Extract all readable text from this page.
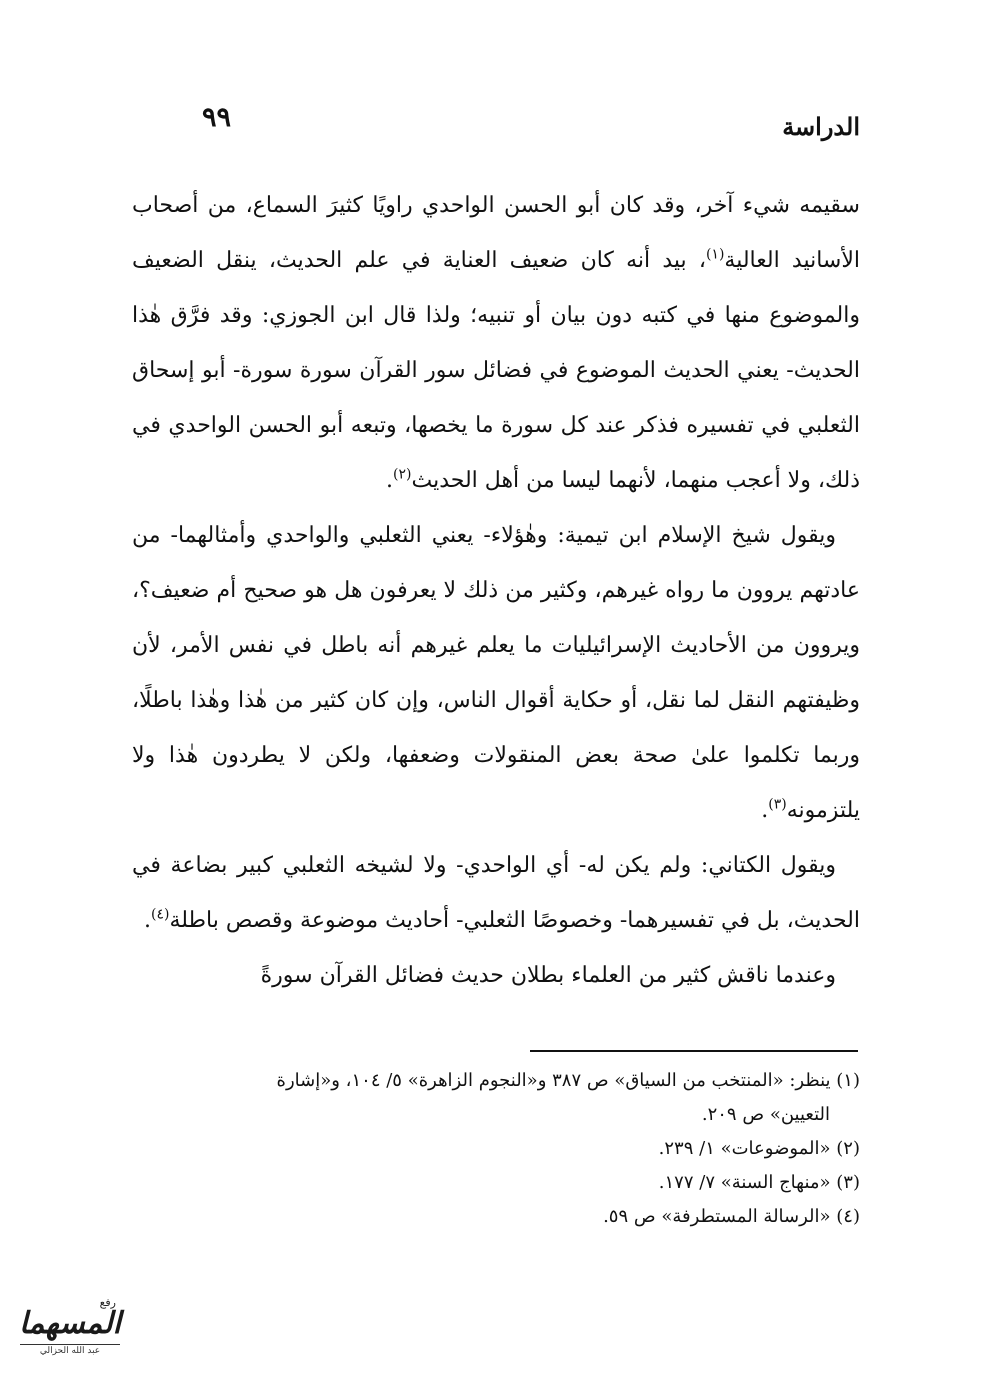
الدراسة
٩٩

سقيمه شيء آخر، وقد كان أبو الحسن الواحدي راويًا كثيرَ السماع، من أصحاب الأسانيد العالية$^{(١)}$، بيد أنه كان ضعيف العناية في علم الحديث، ينقل الضعيف والموضوع منها في كتبه دون بيان أو تنبيه؛ ولذا قال ابن الجوزي: وقد فرَّق هٰذا الحديث- يعني الحديث الموضوع في فضائل سور القرآن سورة سورة- أبو إسحاق الثعلبي في تفسيره فذكر عند كل سورة ما يخصها، وتبعه أبو الحسن الواحدي في ذلك، ولا أعجب منهما، لأنهما ليسا من أهل الحديث$^{(٢)}$.

ويقول شيخ الإسلام ابن تيمية: وهٰؤلاء- يعني الثعلبي والواحدي وأمثالهما- من عادتهم يروون ما رواه غيرهم، وكثير من ذلك لا يعرفون هل هو صحيح أم ضعيف؟، ويروون من الأحاديث الإسرائيليات ما يعلم غيرهم أنه باطل في نفس الأمر، لأن وظيفتهم النقل لما نقل، أو حكاية أقوال الناس، وإن كان كثير من هٰذا وهٰذا باطلًا، وربما تكلموا علىٰ صحة بعض المنقولات وضعفها، ولكن لا يطردون هٰذا ولا يلتزمونه$^{(٣)}$.

ويقول الكتاني: ولم يكن له- أي الواحدي- ولا لشيخه الثعلبي كبير بضاعة في الحديث، بل في تفسيرهما- وخصوصًا الثعلبي- أحاديث موضوعة وقصص باطلة$^{(٤)}$.

وعندما ناقش كثير من العلماء بطلان حديث فضائل القرآن سورةً

(١) ينظر: «المنتخب من السياق» ص ٣٨٧ و«النجوم الزاهرة» ٥/ ١٠٤، و«إشارة

التعيين» ص ٢٠٩.

(٢) «الموضوعات» ١/ ٢٣٩.

(٣) «منهاج السنة» ٧/ ١٧٧.

(٤) «الرسالة المستطرفة» ص ٥٩.

رفع
المسهما
عبد الله الحزالي
